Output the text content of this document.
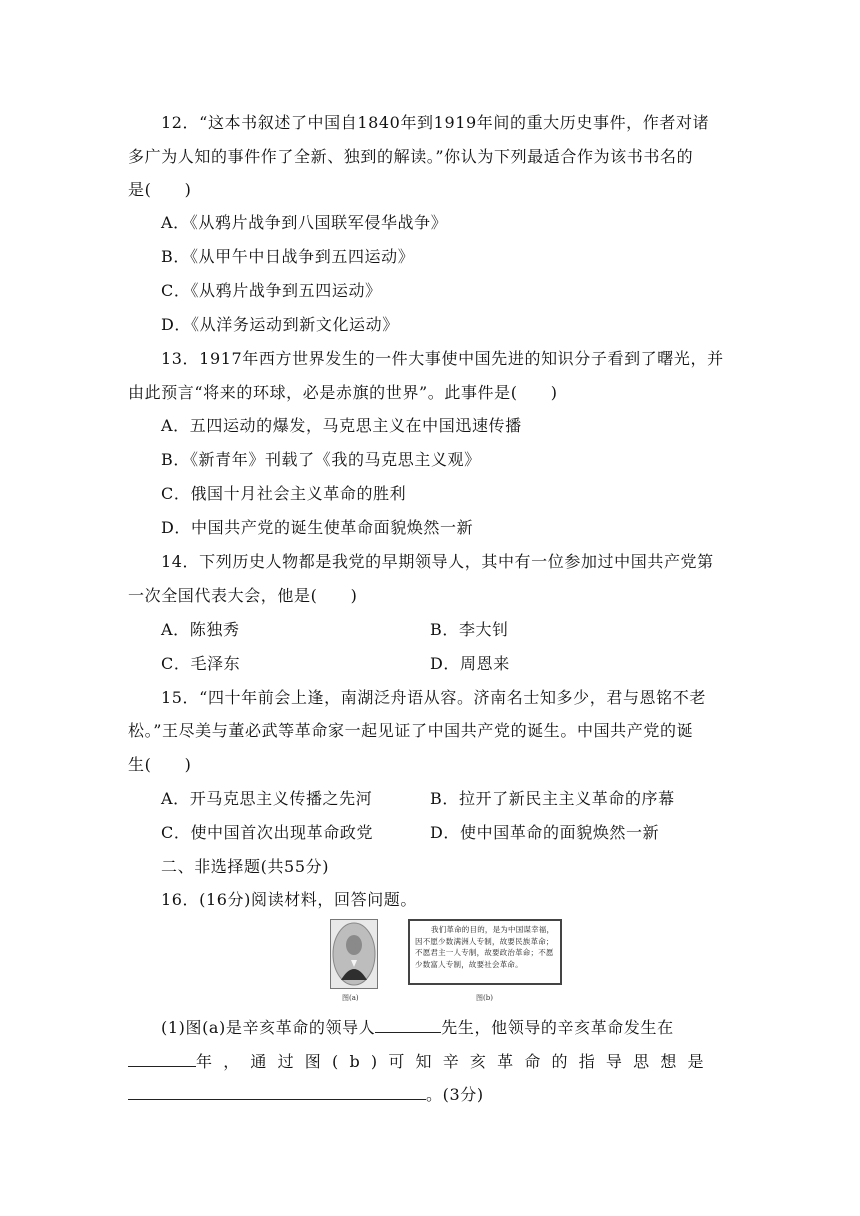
12．“这本书叙述了中国自1840年到1919年间的重大历史事件，作者对诸
多广为人知的事件作了全新、独到的解读。”你认为下列最适合作为该书书名的
是(　　)
A．《从鸦片战争到八国联军侵华战争》
B．《从甲午中日战争到五四运动》
C．《从鸦片战争到五四运动》
D．《从洋务运动到新文化运动》
13．1917年西方世界发生的一件大事使中国先进的知识分子看到了曙光，并
由此预言“将来的环球，必是赤旗的世界”。此事件是(　　)
A．五四运动的爆发，马克思主义在中国迅速传播
B．《新青年》刊载了《我的马克思主义观》
C．俄国十月社会主义革命的胜利
D．中国共产党的诞生使革命面貌焕然一新
14．下列历史人物都是我党的早期领导人，其中有一位参加过中国共产党第
一次全国代表大会，他是(　　)
A．陈独秀	B．李大钊
C．毛泽东	D．周恩来
15．“四十年前会上逢，南湖泛舟语从容。济南名士知多少，君与恩铭不老
松。”王尽美与董必武等革命家一起见证了中国共产党的诞生。中国共产党的诞
生(　　)
A．开马克思主义传播之先河	B．拉开了新民主主义革命的序幕
C．使中国首次出现革命政党	D．使中国革命的面貌焕然一新
二、非选择题(共55分)
16．(16分)阅读材料，回答问题。
图(a)
我们革命的目的，是为中国谋幸福，因不愿少数满洲人专制，故要民族革命；不愿君主一人专制，故要政治革命；不愿少数富人专制，故要社会革命。
图(b)
(1)图(a)是辛亥革命的领导人	先生，他领导的辛亥革命发生在
年，通过图(b)可知辛亥革命的指导思想是
。(3分)
